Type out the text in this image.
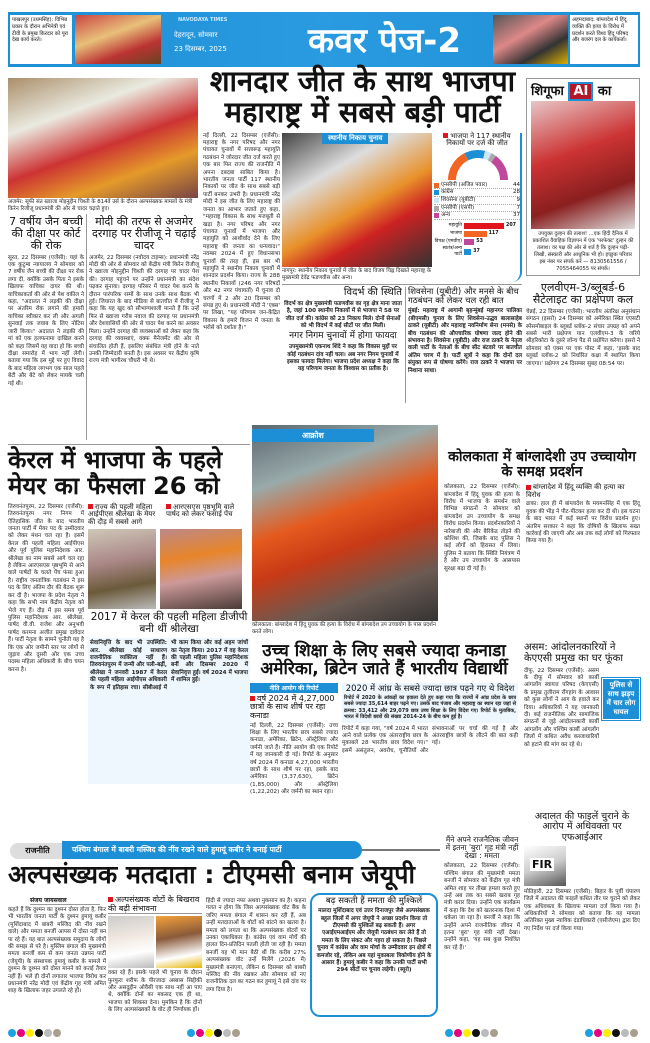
पाखलपुर (उधमसिंह): विभिन्न प्रकार के दौरान अभिनेत्री एवं टीवी के प्रमुख किरदार को पूरा देख कार्य करते।
NAVODAYA TIMES
देहरादून, सोमवार
23 दिसम्बर, 2025 कवर पेज-2
अहमदाबाद: बांग्लादेश में हिंदू व्यक्ति की हत्या के विरोध में प्रदर्शन करते विश्व हिंदू परिषद और बजरंग दल के कार्यकर्ता।
अजमेर: सूफी संत ख्वाजा मोइनुद्दीन चिश्ती के 814वें उर्स के दौरान अल्पसंख्यक मामलों के मंत्री किरेन रिजीजू प्रधानमंत्री की ओर से चादर चढ़ाते हुए।
7 वर्षीय जैन बच्ची की दीक्षा पर कोर्ट की रोक
सूरत, 22 दिसम्बर (एजेंसी): यहां के एक कुटुम्ब न्यायालय ने सोमवार को 7 वर्षीय जैन बच्ची की दीक्षा पर रोक लगा दी, क्योंकि उसके पिता ने इसके खिलाफ याचिका दायर की थी। याचिकाकर्ता की ओर से पेश वकील ने कहा, "अदालत ने लड़की की दीक्षा पर अंतरिम रोक लगाने की हमारी याचिका स्वीकार कर ली और अगली सुनवाई तक जवाब के लिए नोटिस जारी किया।" अदालत ने लड़की की मां को एक हलफनामा दाखिल करने को कहा जिसमें यह वादा हो कि बच्ची दीक्षा समारोह में भाग नहीं लेगी। बताया गया कि इस मुद्दे पर हुए विवाद के बाद महिला लगभग एक साल पहले बेटी और बेटे को लेकर मायके चली गई थी।
मोदी की तरफ से अजमेर दरगाह पर रीजीजू ने चढ़ाई चादर
अजमेर, 22 दिसम्बर (नवोदय टाइम्स): प्रधानमंत्री नरेंद्र मोदी की ओर से सोमवार को केंद्रीय मंत्री किरेन रीजीजू ने ख्वाजा मोइनुद्दीन चिश्ती की दरगाह पर चादर पेश की। दरगाह पहुंचने पर उन्होंने प्रधानमंत्री का संदेश पढ़कर सुनाया। दरगाह परिसर में चादर पेश करने के दौरान पारंपरिक रस्मों के साथ उनके साथ बैठक भी हुई। जियारत के बाद मीडिया से बातचीत में रीजीजू ने कहा कि यह खुद को सौभाग्यशाली मानते हैं कि उन्हें फिर से ख्वाजा गरीब नवाज की दरगाह पर प्रधानमंत्री और देशवासियों की ओर से चादर पेश करने का अवसर मिला। उन्होंने दरगाह की व्यवस्थाओं को लेकर कहा कि दरगाह की व्यवस्थाएं, वक्फ मैनेजमेंट की ओर से संचालित होती हैं, इसलिए संबंधित मंत्री होने के नाते उनकी जिम्मेदारी बनती है। इस अवसर पर केंद्रीय कृषि राज्य मंत्री भागीरथ चौधरी भी थे।
शानदार जीत के साथ भाजपा महाराष्ट्र में सबसे बड़ी पार्टी
नई दिल्ली, 22 दिसम्बर (एजेंसी): महाराष्ट्र के नगर परिषद और नगर पंचायत चुनावों में सत्तारूढ़ महायुति गठबंधन ने जोरदार जीत दर्ज करते हुए एक बार फिर राज्य की राजनीति में अपना दबदबा साबित किया है। भारतीय जनता पार्टी 117 स्थानीय निकायों पर जीत के साथ सबसे बड़ी पार्टी बनकर उभरी है। प्रधानमंत्री नरेंद्र मोदी ने इस जीत के लिए महाराष्ट्र की जनता का आभार जताते हुए कहा, "महाराष्ट्र विकास के साथ मजबूती से खड़ा है। नगर परिषद और नगर पंचायत चुनावों में भाजपा और महायुति को आशीर्वाद देने के लिए महाराष्ट्र की जनता का धन्यवाद।" नवम्बर 2024 में हुए विधानसभा चुनावों की तरह ही, इस बार भी महायुति ने स्थानीय निकाय चुनावों में शानदार प्रदर्शन किया। राज्य के 288 स्थानीय निकायों (246 नगर परिषदों और 42 नगर पंचायतों) में चुनाव दो चरणों में 2 और 20 दिसम्बर को संपन्न हुए थे। प्रधानमंत्री मोदी ने 'एक्स' पर लिखा, "यह परिणाम जन-केंद्रित विकास के हमारे विजन में जनता के भरोसे को दर्शाता है।"
स्थानीय निकाय चुनाव
नागपुर: स्थानीय निकाय चुनावों में जीत के बाद विजय चिह्न दिखाते महाराष्ट्र के मुख्यमंत्री देवेंद्र फडणवीस और अन्य।
भाजपा ने 117 स्थानीय निकायों पर दर्ज की जीत
एनसीपी (अजित पवार)	44
कांग्रेस	28
शिवसेना (यूबीटी)	9
एनसीपी (एसपी)	7
अन्य	37
महायुति	207
भाजपा	117
विपक्ष (एमवीए)	53
स्वतंत्र/अन्य पार्टी
37
शिगूफा AI का
उपयुक्त दुल्हन की तलाश! ...एक हिंदी दैनिक में प्रकाशित वैवाहिक विज्ञापन में एक 'परफेक्ट' दुल्हन की तलाश। वर पक्ष की ओर से शर्त है कि दुल्हन पढ़ी-लिखी, संस्कारी और आधुनिक भी हो। इच्छुक परिवार इस नंबर पर संपर्क करें — 8130561556 / 7055464055 पर संपर्क।
विदर्भ की स्थिति
विदर्भ का क्षेत्र मुख्यमंत्री फडणवीस का गृह क्षेत्र माना जाता है, जहां 100 स्थानीय निकायों में से भाजपा ने 58 पर जीत दर्ज की। कांग्रेस को 23 निकाय मिले। दोनों सेनाओं को भी विदर्भ में कई सीटों पर जीत मिली।
नगर निगम चुनावों में होगा फायदा
उपमुख्यमंत्री एकनाथ शिंदे ने कहा कि विकास मुद्दों पर कोई गठबंधन दांव नहीं चला। अब नगर निगम चुनावों में इसका फायदा मिलेगा। भाजपा प्रदेश अध्यक्ष ने कहा कि यह परिणाम जनता के विश्वास का प्रतीक है।
शिवसेना (यूबीटी) और मनसे के बीच गठबंधन को लेकर चल रही बात
मुंबई: महाराष्ट्र में आगामी बृहन्मुंबई महानगर पालिका (बीएमसी) चुनाव के लिए शिवसेना-उद्धव बालासाहेब ठाकरे (यूबीटी) और महाराष्ट्र नवनिर्माण सेना (मनसे) के बीच गठबंधन की औपचारिक घोषणा जल्द होने की संभावना है। शिवसेना (यूबीटी) और राज ठाकरे के नेतृत्व वाली पार्टी के नेताओं के बीच सीट बंटवारे पर बातचीत अंतिम चरण में है। पार्टी सूत्रों ने कहा कि दोनों दल संयुक्त रूप से घोषणा करेंगे। राज ठाकरे ने भाजपा पर निशाना साधा।
एलवीएम-3/ब्लूबर्ड-6 सैटेलाइट का प्रक्षेपण कल
चेन्नई, 22 दिसम्बर (एजेंसी): भारतीय अंतरिक्ष अनुसंधान संगठन (इसरो) 24 दिसम्बर को अमेरिका स्थित एएसटी स्पेसमोबाइल के ब्लूबर्ड ब्लॉक-2 संचार उपग्रह को अपने सबसे भारी प्रक्षेपण यान एलवीएम-3 के जरिये श्रीहरिकोटा के दूसरे लॉन्च पैड से प्रक्षेपित करेगा। इसरो ने सोमवार को एक्स पर एक पोस्ट में कहा, 'इसके बाद ब्लूबर्ड ब्लॉक-2 को निर्धारित कक्षा में स्थापित किया जाएगा।' प्रक्षेपण 24 दिसम्बर सुबह 08:54 पर।
केरल में भाजपा के पहले मेयर का फैसला 26 को
तिरुवनंतपुरम, 22 दिसम्बर (एजेंसी): तिरुवनंतपुरम नगर निगम में ऐतिहासिक जीत के बाद भारतीय जनता पार्टी में मेयर पद के उम्मीदवार को लेकर मंथन चल रहा है। इसमें केरल की पहली महिला आईपीएस और पूर्व पुलिस महानिदेशक आर. श्रीलेखा का नाम सबसे आगे चल रहा है लेकिन आरएसएस पृष्ठभूमि से आने वाले पार्षदों के चलते पेंच फंसा हुआ है। राष्ट्रीय जनतांत्रिक गठबंधन ने इस पद के लिए अंतिम दौर की बैठक शुरू कर दी है। भाजपा के प्रदेश नेतृत्व ने कहा कि सभी नाम केंद्रीय नेतृत्व को भेजे गए हैं। दौड़ में इस समय पूर्व पुलिस महानिदेशक आर. श्रीलेखा, पार्षद वी.वी. राजेश और अनुभवी पार्षद करमना अजीत प्रमुख दावेदार हैं। पार्टी नेतृत्व के सामने चुनौती यह है कि एक ओर जमीनी स्तर पर लोगों से जुड़ाव और दूसरी ओर एक उच्च पदस्थ महिला अधिकारी के बीच चयन करना है।
राज्य की पहली महिला आईपीएस श्रीलेखा के मेयर की दौड़ में सबसे आगे
आरएसएस पृष्ठभूमि वाले पार्षद को लेकर फंसाई पेंच
2017 में केरल की पहली महिला डीजीपी बनी थीं श्रीलेखा
सेवानिवृत्ति के बाद भी उपस्थिति: आर. श्रीलेखा कोई साधारण राजनीतिक व्यक्तित्व नहीं हैं। तिरुवनंतपुरम में जन्मी और पली-बढ़ीं, श्रीलेखा ने जनवरी 1987 में केरल की पहली महिला आईपीएस अधिकारी के रूप में इतिहास रचा। सीबीआई में भी काम किया और कई अहम जांचों का नेतृत्व किया। 2017 में वह केरल की पहली महिला पुलिस महानिदेशक बनीं और दिसम्बर 2020 में सेवानिवृत्त हुईं। वर्ष 2024 में भाजपा में शामिल हुईं।
आक्रोश
कोलकाता: बांग्लादेश में हिंदू युवक की हत्या के विरोध में बांग्लादेश उप उच्चायोग के पास प्रदर्शन करते लोग।
कोलकाता में बांग्लादेशी उप उच्चायोग के समक्ष प्रदर्शन
कोलकाता, 22 दिसम्बर (एजेंसी): बांग्लादेश में हिंदू युवक की हत्या के विरोध में भाजपा के समर्थन वाले विभिन्न संगठनों ने सोमवार को बांग्लादेश उप उच्चायोग के समक्ष विरोध प्रदर्शन किया। प्रदर्शनकारियों ने नारेबाजी की और बैरिकेड तोड़ने की कोशिश की, जिसके बाद पुलिस ने कई लोगों को हिरासत में लिया। पुलिस ने बताया कि स्थिति नियंत्रण में है और उप उच्चायोग के आसपास सुरक्षा बढ़ा दी गई है।
बांग्लादेश में हिंदू व्यक्ति की हत्या का विरोध
ढाका: हाल ही में बांग्लादेश के मयमनसिंह में एक हिंदू युवक की भीड़ ने पीट-पीटकर हत्या कर दी थी। इस घटना के बाद भारत में कई स्थानों पर विरोध प्रदर्शन हुए। अंतरिम सरकार ने कहा कि दोषियों के खिलाफ सख्त कार्रवाई की जाएगी और अब तक कई लोगों को गिरफ्तार किया गया है।
उच्च शिक्षा के लिए सबसे ज्यादा कनाडा अमेरिका, ब्रिटेन जाते हैं भारतीय विद्यार्थी
नीति आयोग की रिपोर्ट
वर्ष 2024 में 4,27,000 छात्रों के साथ शीर्ष पर रहा कनाडा
नई दिल्ली, 22 दिसम्बर (एजेंसी): उच्च शिक्षा के लिए भारतीय छात्र सबसे ज्यादा कनाडा, अमेरिका, ब्रिटेन, ऑस्ट्रेलिया और जर्मनी जाते हैं। नीति आयोग की एक रिपोर्ट में यह जानकारी दी गई। रिपोर्ट के अनुसार वर्ष 2024 में कनाडा 4,27,000 भारतीय छात्रों के साथ शीर्ष पर रहा, इसके बाद अमेरिका (3,37,630), ब्रिटेन (1,85,000) और ऑस्ट्रेलिया (1,22,202) और जर्मनी का स्थान रहा।
2020 में आंध्र के सबसे ज्यादा छात्र पढ़ने गए थे विदेश
रिपोर्ट में 2020 के आंकड़ों का हवाला देते हुए कहा गया कि राज्यों में आंध्र प्रदेश के छात्र सबसे ज्यादा 35,614 बाहर पढ़ने गए। उसके बाद पंजाब और महाराष्ट्र का स्थान रहा जहां से क्रमश: 33,412 और 29,079 छात्र उच्च शिक्षा के लिए विदेश गए। रिपोर्ट के मुताबिक, भारत में विदेशी छात्रों की संख्या 2014-24 के बीच कम हुई है।
रिपोर्ट में कहा गया, "वर्ष 2024 में भारत आने वाले प्रत्येक एक अंतरराष्ट्रीय छात्र के मुकाबले 28 भारतीय छात्र विदेश गए।" इसमें असंतुलन, अवरोध, चुनौतियों और संभावनाओं पर चर्चा की गई है और अंतरराष्ट्रीय छात्रों के लौटने की बात कही गई।
असम: आंदोलनकारियों ने केएएसी प्रमुख का घर फूंका
दीफू, 22 दिसम्बर (एजेंसी): असम के दीफू में सोमवार को कार्बी आंगलोंग स्वायत्त परिषद (केएएसी) के प्रमुख तुलीराम रोंगहांग के आवास को कुछ लोगों ने आग के हवाले कर दिया। अधिकारियों ने यह जानकारी दी। कई राजनीतिक और सामाजिक संगठनों से जुड़े आंदोलनकारी कार्बी आंगलोंग और पश्चिम कार्बी आंगलोंग जिलों में कथित अवैध कब्जाधारियों को हटाने की मांग कर रहे थे।
पुलिस से साथ झड़प में चार लोग घायल
अदालत की फाइलें चुराने के आरोप में अधिवक्ता पर एफआईआर
FIR
मोतिहारी, 22 दिसम्बर (एजेंसी): बिहार के पूर्वी चंपारण जिले में अदालत की फाइलें कथित तौर पर चुराने को लेकर एक अधिवक्ता के खिलाफ मामला दर्ज किया गया है। अधिकारियों ने सोमवार को बताया कि यह मामला अतिरिक्त मुख्य न्यायिक दंडाधिकारी (एसीजेएम) द्वारा दिए गए निर्देश पर दर्ज किया गया।
राजनीति	पश्चिम बंगाल में बाबरी मस्जिद की नींव रखने वाले हुमायूं कबीर ने बनाई पार्टी
अल्पसंख्यक मतदाता : टीएमसी बनाम जेयूपी
संजय जायसवाल
कहते हैं कि दुश्मन का दुश्मन दोस्त होता है, फिर भी भारतीय जनता पार्टी के दुश्मन हुमायूं कबीर (मुर्शिदाबाद में बाबरी मस्जिद की नींव रखने वाले) और ममता बनर्जी आपस में दोस्त नहीं बन पा रहे हैं। यह बात अल्पसंख्यक समुदाय के लोगों की समझ से परे है। मुस्लिम बंगाल की मुख्यमंत्री ममता बनर्जी कम से कम जनता उन्नयन पार्टी (जेयूपी) के संस्थापक हुमायूं कबीर के मामले में दुश्मन के दुश्मन को दोस्त मानने को कतई तैयार नहीं हैं। भले ही दोनों लगातार भाजपा विरोध कर प्रधानमंत्री नरेंद्र मोदी एवं केंद्रीय गृह मंत्री अमित शाह के खिलाफ जहर उगलते रहे हों।
अल्पसंख्यक वोटों के बिखराव की बढ़ी संभावना
वक्त रहे हैं। इसके पहले भी चुनाव के दौरान फुरफुरा शरीफ के पीरजादा अब्बास सिद्दीकी और असदुद्दीन ओवैसी एक साथ नहीं आ पाए थे, क्योंकि दोनों का मकसद एक ही था, भाजपा को शिकस्त देना। मुमकिन है कि दोनों के लिए अल्पसंख्यकों के वोट ही निर्णायक हों।
हिंदी से ज्यादा नफा अथवा नुकसान का है। कहना गलत न होगा कि जिस अल्पसंख्यक वोट बैंक के जरिए ममता बंगाल में शासन कर रही हैं, अब उन्हीं मतदाताओं के वोटों को बांटने का खतरा है। ममता को लगता था कि अल्पसंख्यक वोटरों पर उनका एकाधिकार है। कांग्रेस एवं वाम मोर्चे की हालत दिन-प्रतिदिन पतली होती जा रही है। ममता बनर्जी यह भी मान बैठी थीं कि करीब 27% अल्पसंख्यक वोट उन्हें मिलेंगे (2026 में) मुख्यमंत्री बनाएगा, लेकिन 6 दिसम्बर को बाबरी मस्जिद की नींव रखकर और सोमवार को नए राजनीतिक दल का गठन कर हुमायूं ने इसे दांव पर लगा दिया है।
बढ़ सकती हैं ममता की मुश्किलें
मालदा मुर्शिदाबाद एवं उत्तर दिनाजपुर जैसे अल्पसंख्यक बहुल जिलों में अगर जेयूपी ने अच्छा प्रदर्शन किया तो टीएमसी की मुश्किलें बढ़ सकती हैं। अगर एआईएमआईएम और जेयूपी गठबंधन कर लेते हैं तो ममता के लिए संकट और गहरा हो सकता है। पिछले चुनाव में कांग्रेस और वाम मोर्चा के उम्मीदवार इन क्षेत्रों में कमजोर रहे, लेकिन अब यहां मुकाबला त्रिकोणीय होने के आसार हैं। हुमायूं कबीर ने कहा कि उनकी पार्टी सभी 294 सीटों पर चुनाव लड़ेगी। (ब्यूरो)
मैंने अपने राजनैतिक जीवन में इतना 'बुरा' गृह मंत्री नहीं देखा : ममता
कोलकाता, 22 दिसम्बर (एजेंसी): पश्चिम बंगाल की मुख्यमंत्री ममता बनर्जी ने सोमवार को केंद्रीय गृह मंत्री अमित शाह पर तीखा हमला करते हुए उन्हें अब तक का सबसे खराब गृह मंत्री करार दिया। उन्होंने एक कार्यक्रम में कहा कि देश को खतरनाक दिशा में धकेला जा रहा है। बनर्जी ने कहा कि उन्होंने अपने राजनीतिक जीवन में इतना 'बुरा' गृह मंत्री नहीं देखा। उन्होंने कहा, 'यह सब कुछ नियंत्रित कर रहे हैं।'
